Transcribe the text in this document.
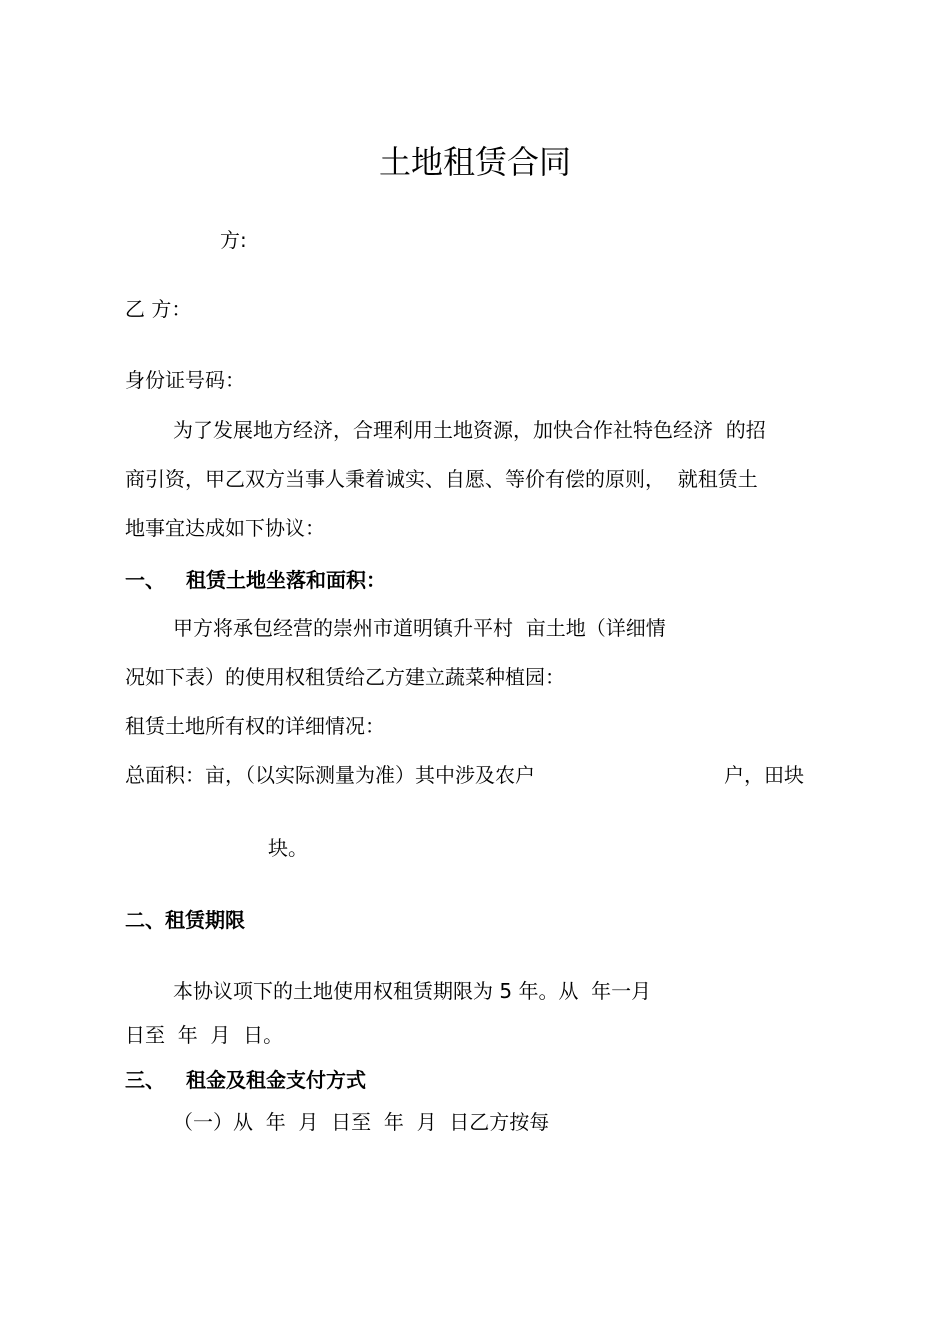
土地租赁合同
方:
乙 方：
身份证号码：
为了发展地方经济，合理利用土地资源，加快合作社特色经济  的招
商引资，甲乙双方当事人秉着诚实、自愿、等价有偿的原则，  就租赁土
地事宜达成如下协议：
一、 租赁土地坐落和面积：
甲方将承包经营的崇州市道明镇升平村  亩土地（详细情
况如下表）的使用权租赁给乙方建立蔬菜种植园：
租赁土地所有权的详细情况：
总面积：亩，（以实际测量为准）其中涉及农户	户，田块
块。
二、租赁期限
本协议项下的土地使用权租赁期限为 5 年。从  年一月
日至  年  月  日。
三、 租金及租金支付方式
（一）从  年  月  日至  年  月  日乙方按每
